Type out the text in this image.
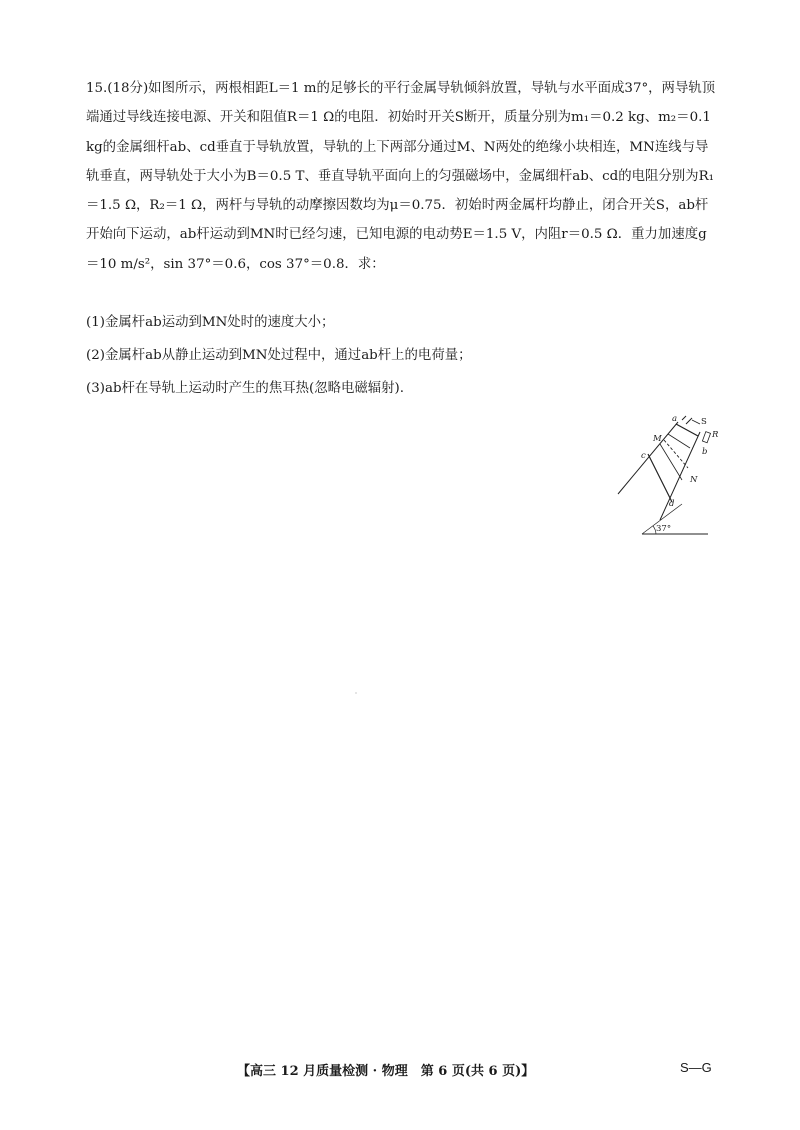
15.(18分)如图所示，两根相距L＝1 m的足够长的平行金属导轨倾斜放置，导轨与水平面成37°，两导轨顶端通过导线连接电源、开关和阻值R＝1 Ω的电阻．初始时开关S断开，质量分别为m₁＝0.2 kg、m₂＝0.1 kg的金属细杆ab、cd垂直于导轨放置，导轨的上下两部分通过M、N两处的绝缘小块相连，MN连线与导轨垂直，两导轨处于大小为B＝0.5 T、垂直导轨平面向上的匀强磁场中，金属细杆ab、cd的电阻分别为R₁＝1.5 Ω，R₂＝1 Ω，两杆与导轨的动摩擦因数均为μ＝0.75．初始时两金属杆均静止，闭合开关S，ab杆开始向下运动，ab杆运动到MN时已经匀速，已知电源的电动势E＝1.5 V，内阻r＝0.5 Ω．重力加速度g＝10 m/s²，sin 37°＝0.6，cos 37°＝0.8．求：

(1)金属杆ab运动到MN处时的速度大小；
(2)金属杆ab从静止运动到MN处过程中，通过ab杆上的电荷量；
(3)ab杆在导轨上运动时产生的焦耳热(忽略电磁辐射).
37°
a
b
c
d
M
N
S
R
【高三 12 月质量检测 · 物理　第 6 页(共 6 页)】	S—G
